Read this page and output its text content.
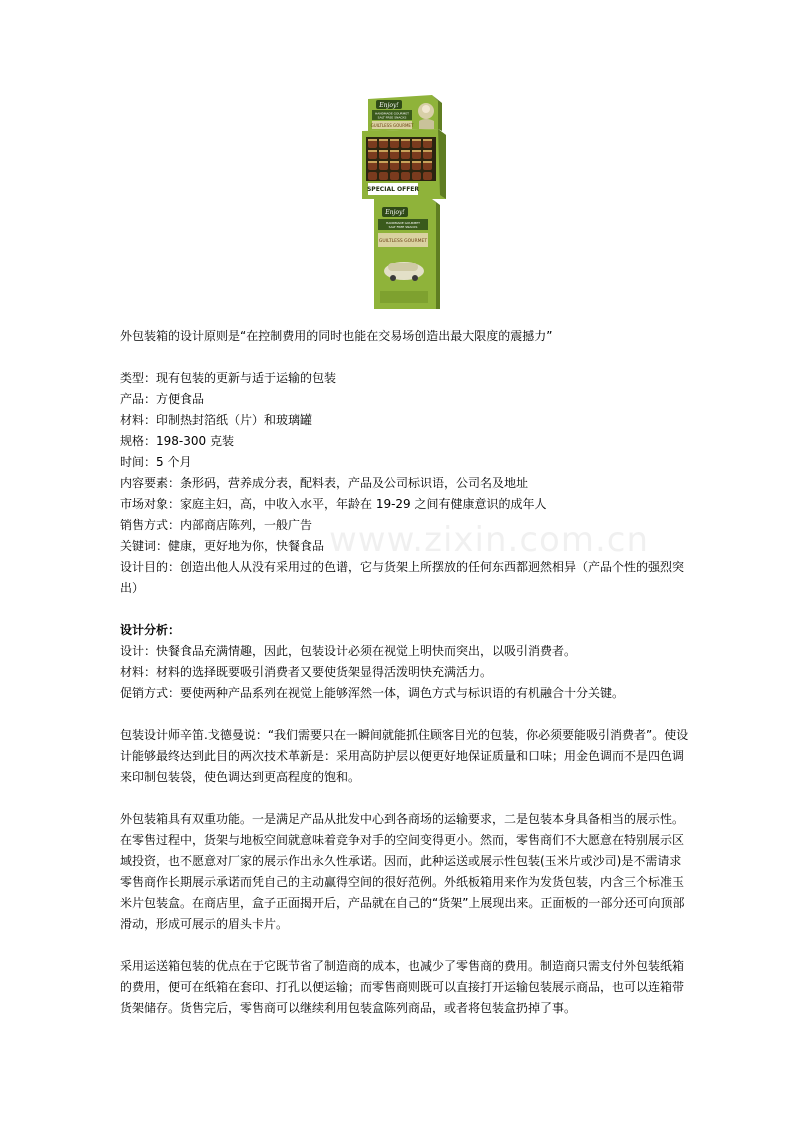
Enjoy!
HANDMADE GOURMET
SALT FREE SNACKS
GUILTLESS GOURMET
SPECIAL OFFER
Enjoy!
HANDMADE GOURMET
SALT FREE SNACKS
GUILTLESS GOURMET
www.zixin.com.cn
外包装箱的设计原则是“在控制费用的同时也能在交易场创造出最大限度的震撼力”
类型：现有包装的更新与适于运输的包装
产品：方便食品
材料：印制热封箔纸（片）和玻璃罐
规格：198-300 克装
时间：5 个月
内容要素：条形码，营养成分表，配料表，产品及公司标识语，公司名及地址
市场对象：家庭主妇，高，中收入水平，年龄在 19-29 之间有健康意识的成年人
销售方式：内部商店陈列，一般广告
关键词：健康，更好地为你，快餐食品
设计目的：创造出他人从没有采用过的色谱，它与货架上所摆放的任何东西都迥然相异（产品个性的强烈突出）
设计分析：
设计：快餐食品充满情趣，因此，包装设计必须在视觉上明快而突出，以吸引消费者。
材料：材料的选择既要吸引消费者又要使货架显得活泼明快充满活力。
促销方式：要使两种产品系列在视觉上能够浑然一体，调色方式与标识语的有机融合十分关键。
包装设计师辛笛.戈德曼说：“我们需要只在一瞬间就能抓住顾客目光的包装，你必须要能吸引消费者”。使设计能够最终达到此目的两次技术革新是：采用高防护层以便更好地保证质量和口味；用金色调而不是四色调来印制包装袋，使色调达到更高程度的饱和。
外包装箱具有双重功能。一是满足产品从批发中心到各商场的运输要求，二是包装本身具备相当的展示性。在零售过程中，货架与地板空间就意味着竞争对手的空间变得更小。然而，零售商们不大愿意在特别展示区域投资，也不愿意对厂家的展示作出永久性承诺。因而，此种运送或展示性包装(玉米片或沙司)是不需请求零售商作长期展示承诺而凭自己的主动赢得空间的很好范例。外纸板箱用来作为发货包装，内含三个标准玉米片包装盒。在商店里，盒子正面揭开后，产品就在自己的“货架”上展现出来。正面板的一部分还可向顶部滑动，形成可展示的眉头卡片。
采用运送箱包装的优点在于它既节省了制造商的成本，也减少了零售商的费用。制造商只需支付外包装纸箱的费用，便可在纸箱在套印、打孔以便运输；而零售商则既可以直接打开运输包装展示商品，也可以连箱带货架储存。货售完后，零售商可以继续利用包装盒陈列商品，或者将包装盒扔掉了事。
